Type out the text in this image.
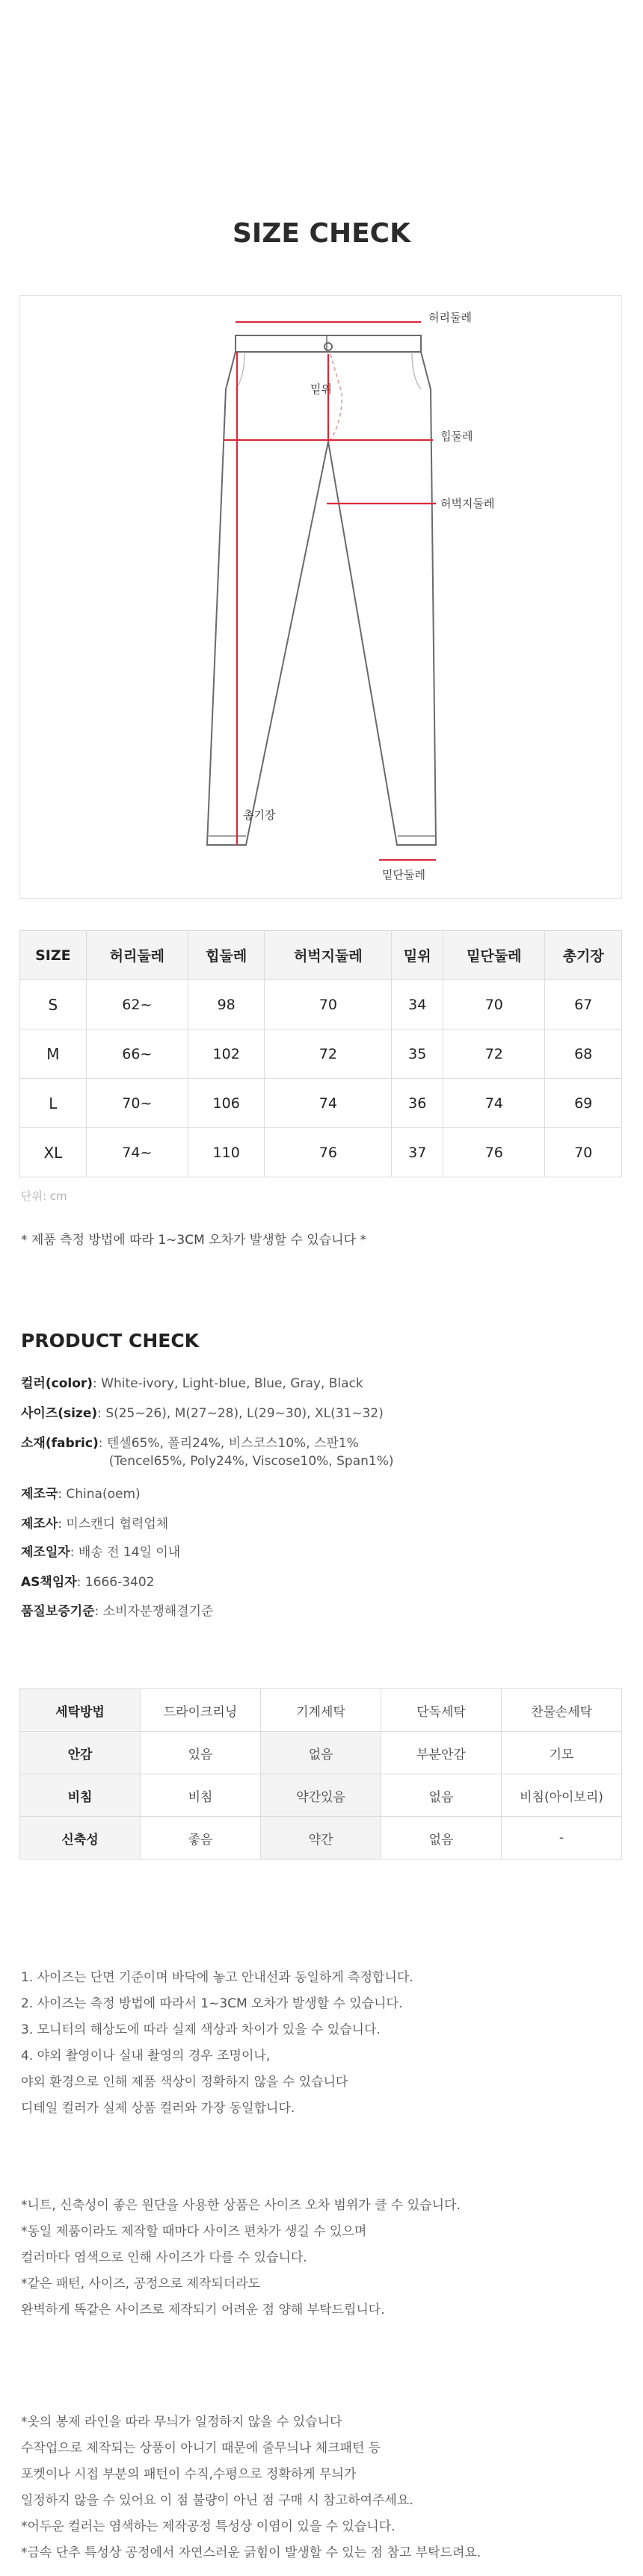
SIZE CHECK
허리둘레
밑위
힙둘레
허벅지둘레
총기장
밑단둘레
SIZE	허리둘레	힙둘레	허벅지둘레	밑위	밑단둘레	총기장
S	62~	98	70	34	70	67
M	66~	102	72	35	72	68
L	70~	106	74	36	74	69
XL	74~	110	76	37	76	70
단위: cm
* 제품 측정 방법에 따라 1~3CM 오차가 발생할 수 있습니다 *
PRODUCT CHECK
컬러(color) : White-ivory, Light-blue, Blue, Gray, Black
사이즈(size) : S(25~26), M(27~28), L(29~30), XL(31~32)
소재(fabric) : 텐셀65%, 폴리24%, 비스코스10%, 스판1%
(Tencel65%, Poly24%, Viscose10%, Span1%)
제조국 : China(oem)
제조사 : 미스캔디 협력업체
제조일자 : 배송 전 14일 이내
AS책임자 : 1666-3402
품질보증기준 : 소비자분쟁해결기준
세탁방법	드라이크리닝	기계세탁	단독세탁	찬물손세탁
안감	있음	없음	부분안감	기모
비침	비침	약간있음	없음	비침(아이보리)
신축성	좋음	약간	없음	-
1. 사이즈는 단면 기준이며 바닥에 놓고 안내선과 동일하게 측정합니다.
2. 사이즈는 측정 방법에 따라서 1~3CM 오차가 발생할 수 있습니다.
3. 모니터의 해상도에 따라 실제 색상과 차이가 있을 수 있습니다.
4. 야외 촬영이나 실내 촬영의 경우 조명이나,
야외 환경으로 인해 제품 색상이 정확하지 않을 수 있습니다
디테일 컬러가 실제 상품 컬러와 가장 동일합니다.
*니트, 신축성이 좋은 원단을 사용한 상품은 사이즈 오차 범위가 클 수 있습니다.
*동일 제품이라도 제작할 때마다 사이즈 편차가 생길 수 있으며
컬러마다 염색으로 인해 사이즈가 다를 수 있습니다.
*같은 패턴, 사이즈, 공정으로 제작되더라도
완벽하게 똑같은 사이즈로 제작되기 어려운 점 양해 부탁드립니다.
*옷의 봉제 라인을 따라 무늬가 일정하지 않을 수 있습니다
수작업으로 제작되는 상품이 아니기 때문에 줄무늬나 체크패턴 등
포켓이나 시접 부분의 패턴이 수직,수평으로 정확하게 무늬가
일정하지 않을 수 있어요 이 점 불량이 아닌 점 구매 시 참고하여주세요.
*어두운 컬러는 염색하는 제작공정 특성상 이염이 있을 수 있습니다.
*금속 단추 특성상 공정에서 자연스러운 긁힘이 발생할 수 있는 점 참고 부탁드려요.
